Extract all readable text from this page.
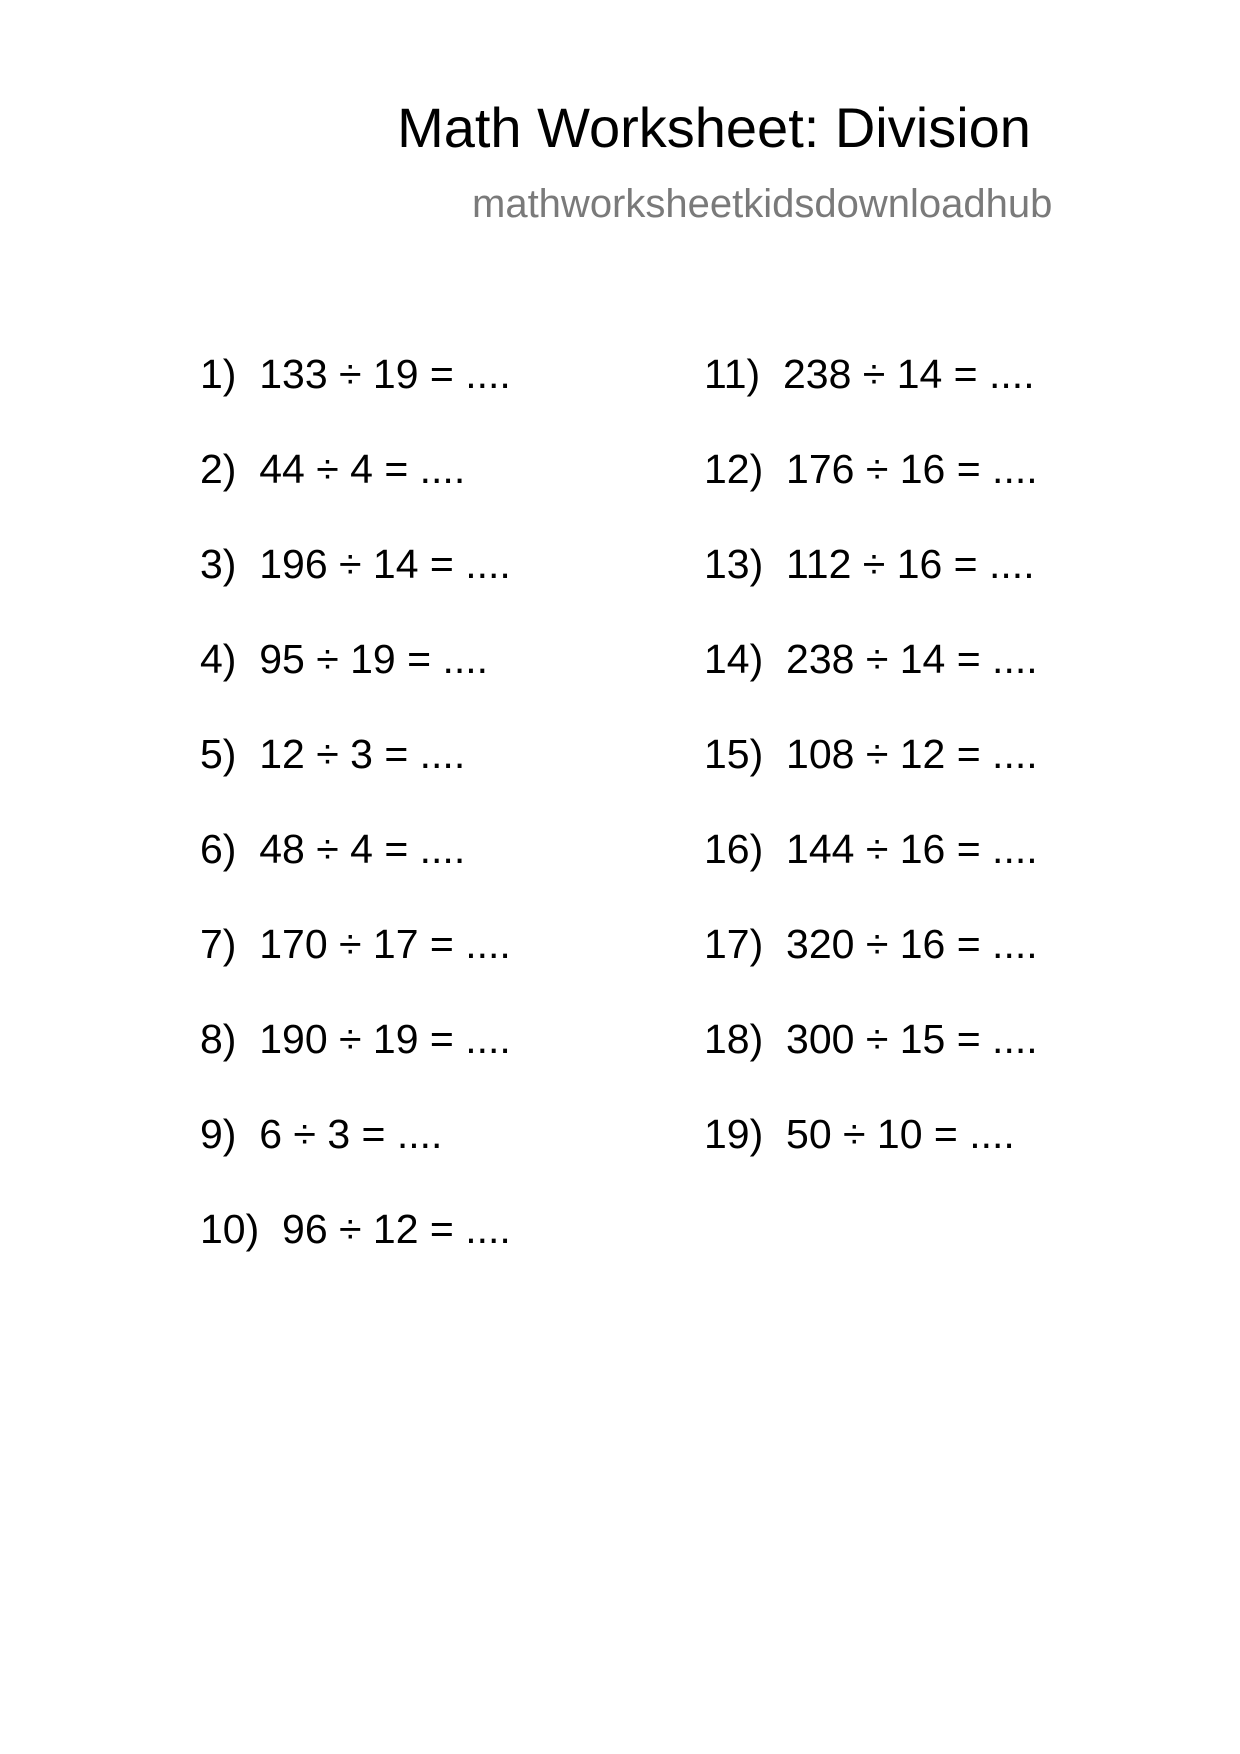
Math Worksheet: Division
mathworksheetkidsdownloadhub
1)  133 ÷ 19 = ....
2)  44 ÷ 4 = ....
3)  196 ÷ 14 = ....
4)  95 ÷ 19 = ....
5)  12 ÷ 3 = ....
6)  48 ÷ 4 = ....
7)  170 ÷ 17 = ....
8)  190 ÷ 19 = ....
9)  6 ÷ 3 = ....
10)  96 ÷ 12 = ....
11)  238 ÷ 14 = ....
12)  176 ÷ 16 = ....
13)  112 ÷ 16 = ....
14)  238 ÷ 14 = ....
15)  108 ÷ 12 = ....
16)  144 ÷ 16 = ....
17)  320 ÷ 16 = ....
18)  300 ÷ 15 = ....
19)  50 ÷ 10 = ....
